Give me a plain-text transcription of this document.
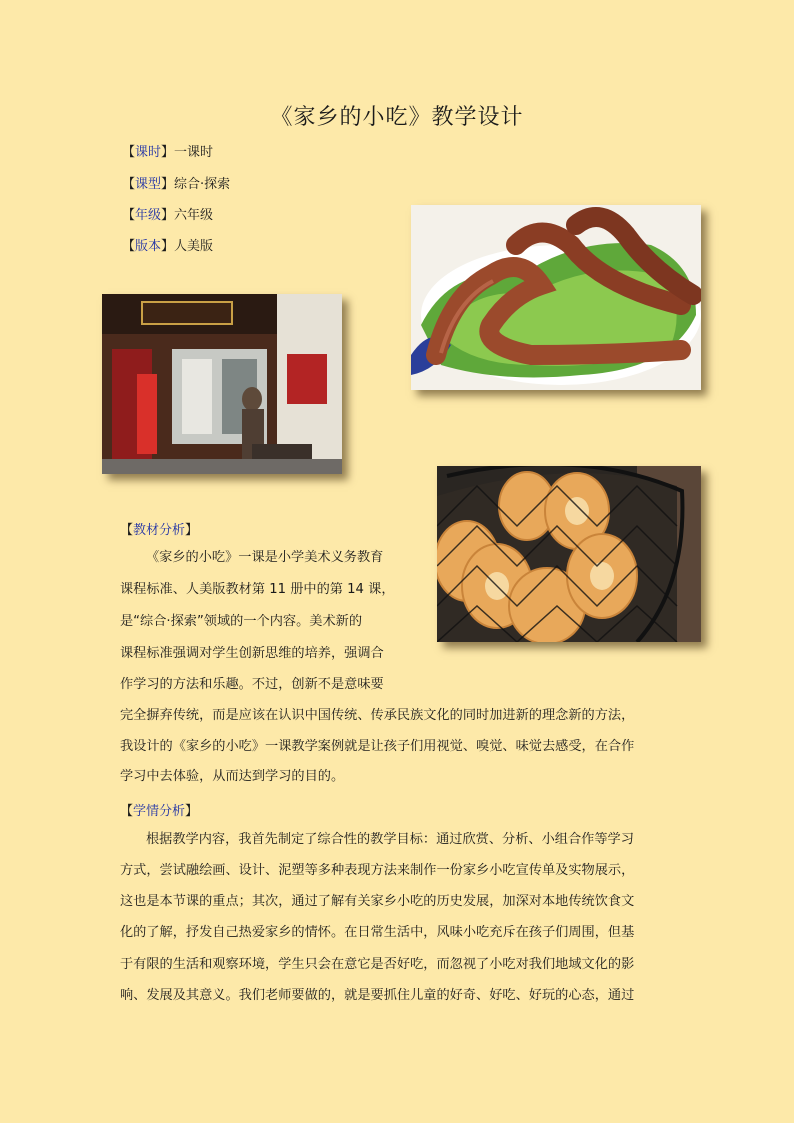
《家乡的小吃》教学设计
【课时】一课时
【课型】综合·探索
【年级】六年级
【版本】人美版
【教材分析】
《家乡的小吃》一课是小学美术义务教育
课程标准、人美版教材第 11 册中的第 14 课，
是“综合·探索”领域的一个内容。美术新的
课程标准强调对学生创新思维的培养，强调合
作学习的方法和乐趣。不过，创新不是意味要
完全摒弃传统，而是应该在认识中国传统、传承民族文化的同时加进新的理念新的方法，
我设计的《家乡的小吃》一课教学案例就是让孩子们用视觉、嗅觉、味觉去感受，在合作
学习中去体验，从而达到学习的目的。
【学情分析】
根据教学内容，我首先制定了综合性的教学目标：通过欣赏、分析、小组合作等学习
方式，尝试融绘画、设计、泥塑等多种表现方法来制作一份家乡小吃宣传单及实物展示，
这也是本节课的重点；其次，通过了解有关家乡小吃的历史发展，加深对本地传统饮食文
化的了解，抒发自己热爱家乡的情怀。在日常生活中，风味小吃充斥在孩子们周围，但基
于有限的生活和观察环境，学生只会在意它是否好吃，而忽视了小吃对我们地域文化的影
响、发展及其意义。我们老师要做的，就是要抓住儿童的好奇、好吃、好玩的心态，通过
